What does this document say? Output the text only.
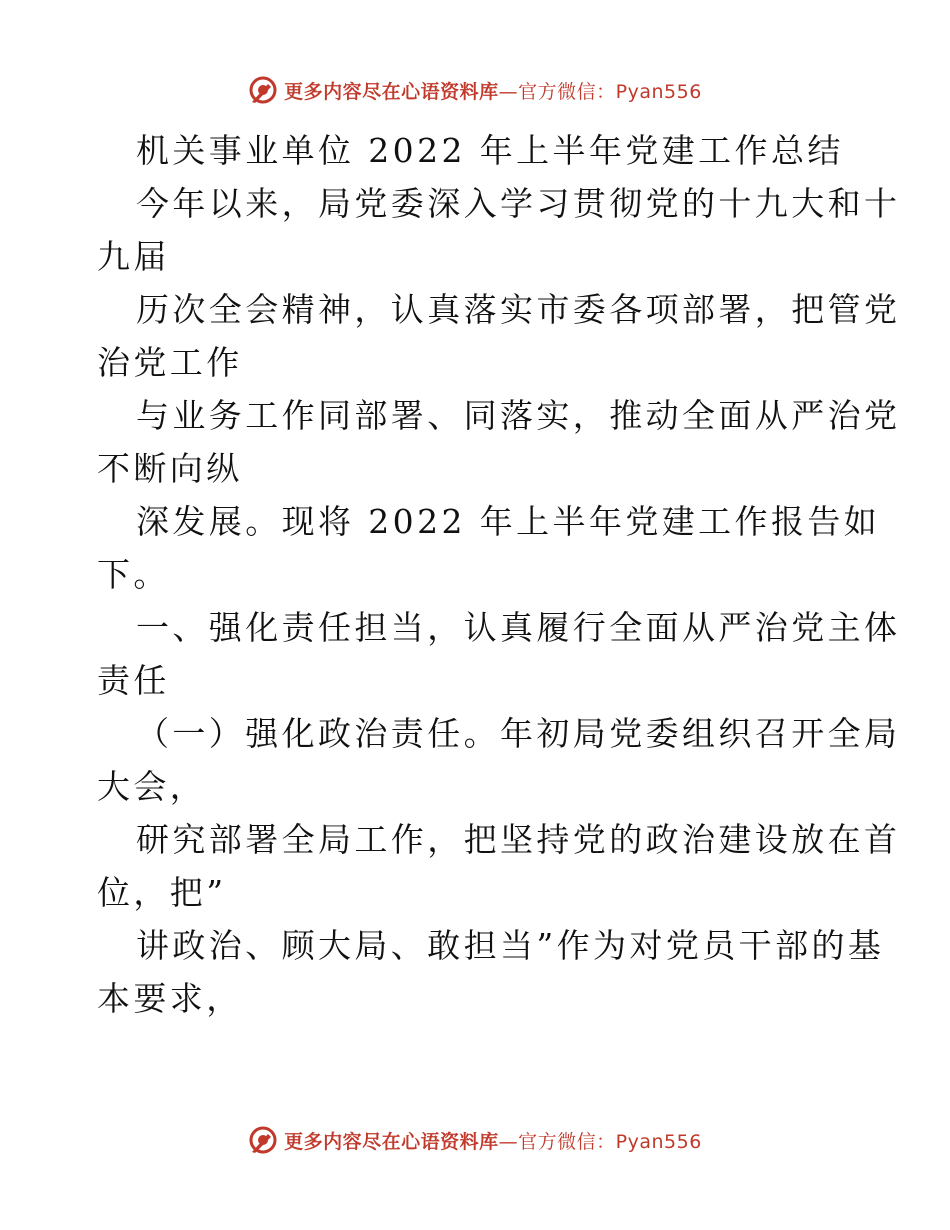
更多内容尽在心语资料库 —官方微信：Pyan556
机关事业单位 2022 年上半年党建工作总结
今年以来，局党委深入学习贯彻党的十九大和十
九届
历次全会精神，认真落实市委各项部署，把管党
治党工作
与业务工作同部署、同落实，推动全面从严治党
不断向纵
深发展。现将 2022 年上半年党建工作报告如
下。
一、强化责任担当，认真履行全面从严治党主体
责任
（一）强化政治责任。年初局党委组织召开全局
大会，
研究部署全局工作，把坚持党的政治建设放在首
位，把”
讲政治、顾大局、敢担当”作为对党员干部的基
本要求，
更多内容尽在心语资料库 —官方微信：Pyan556
